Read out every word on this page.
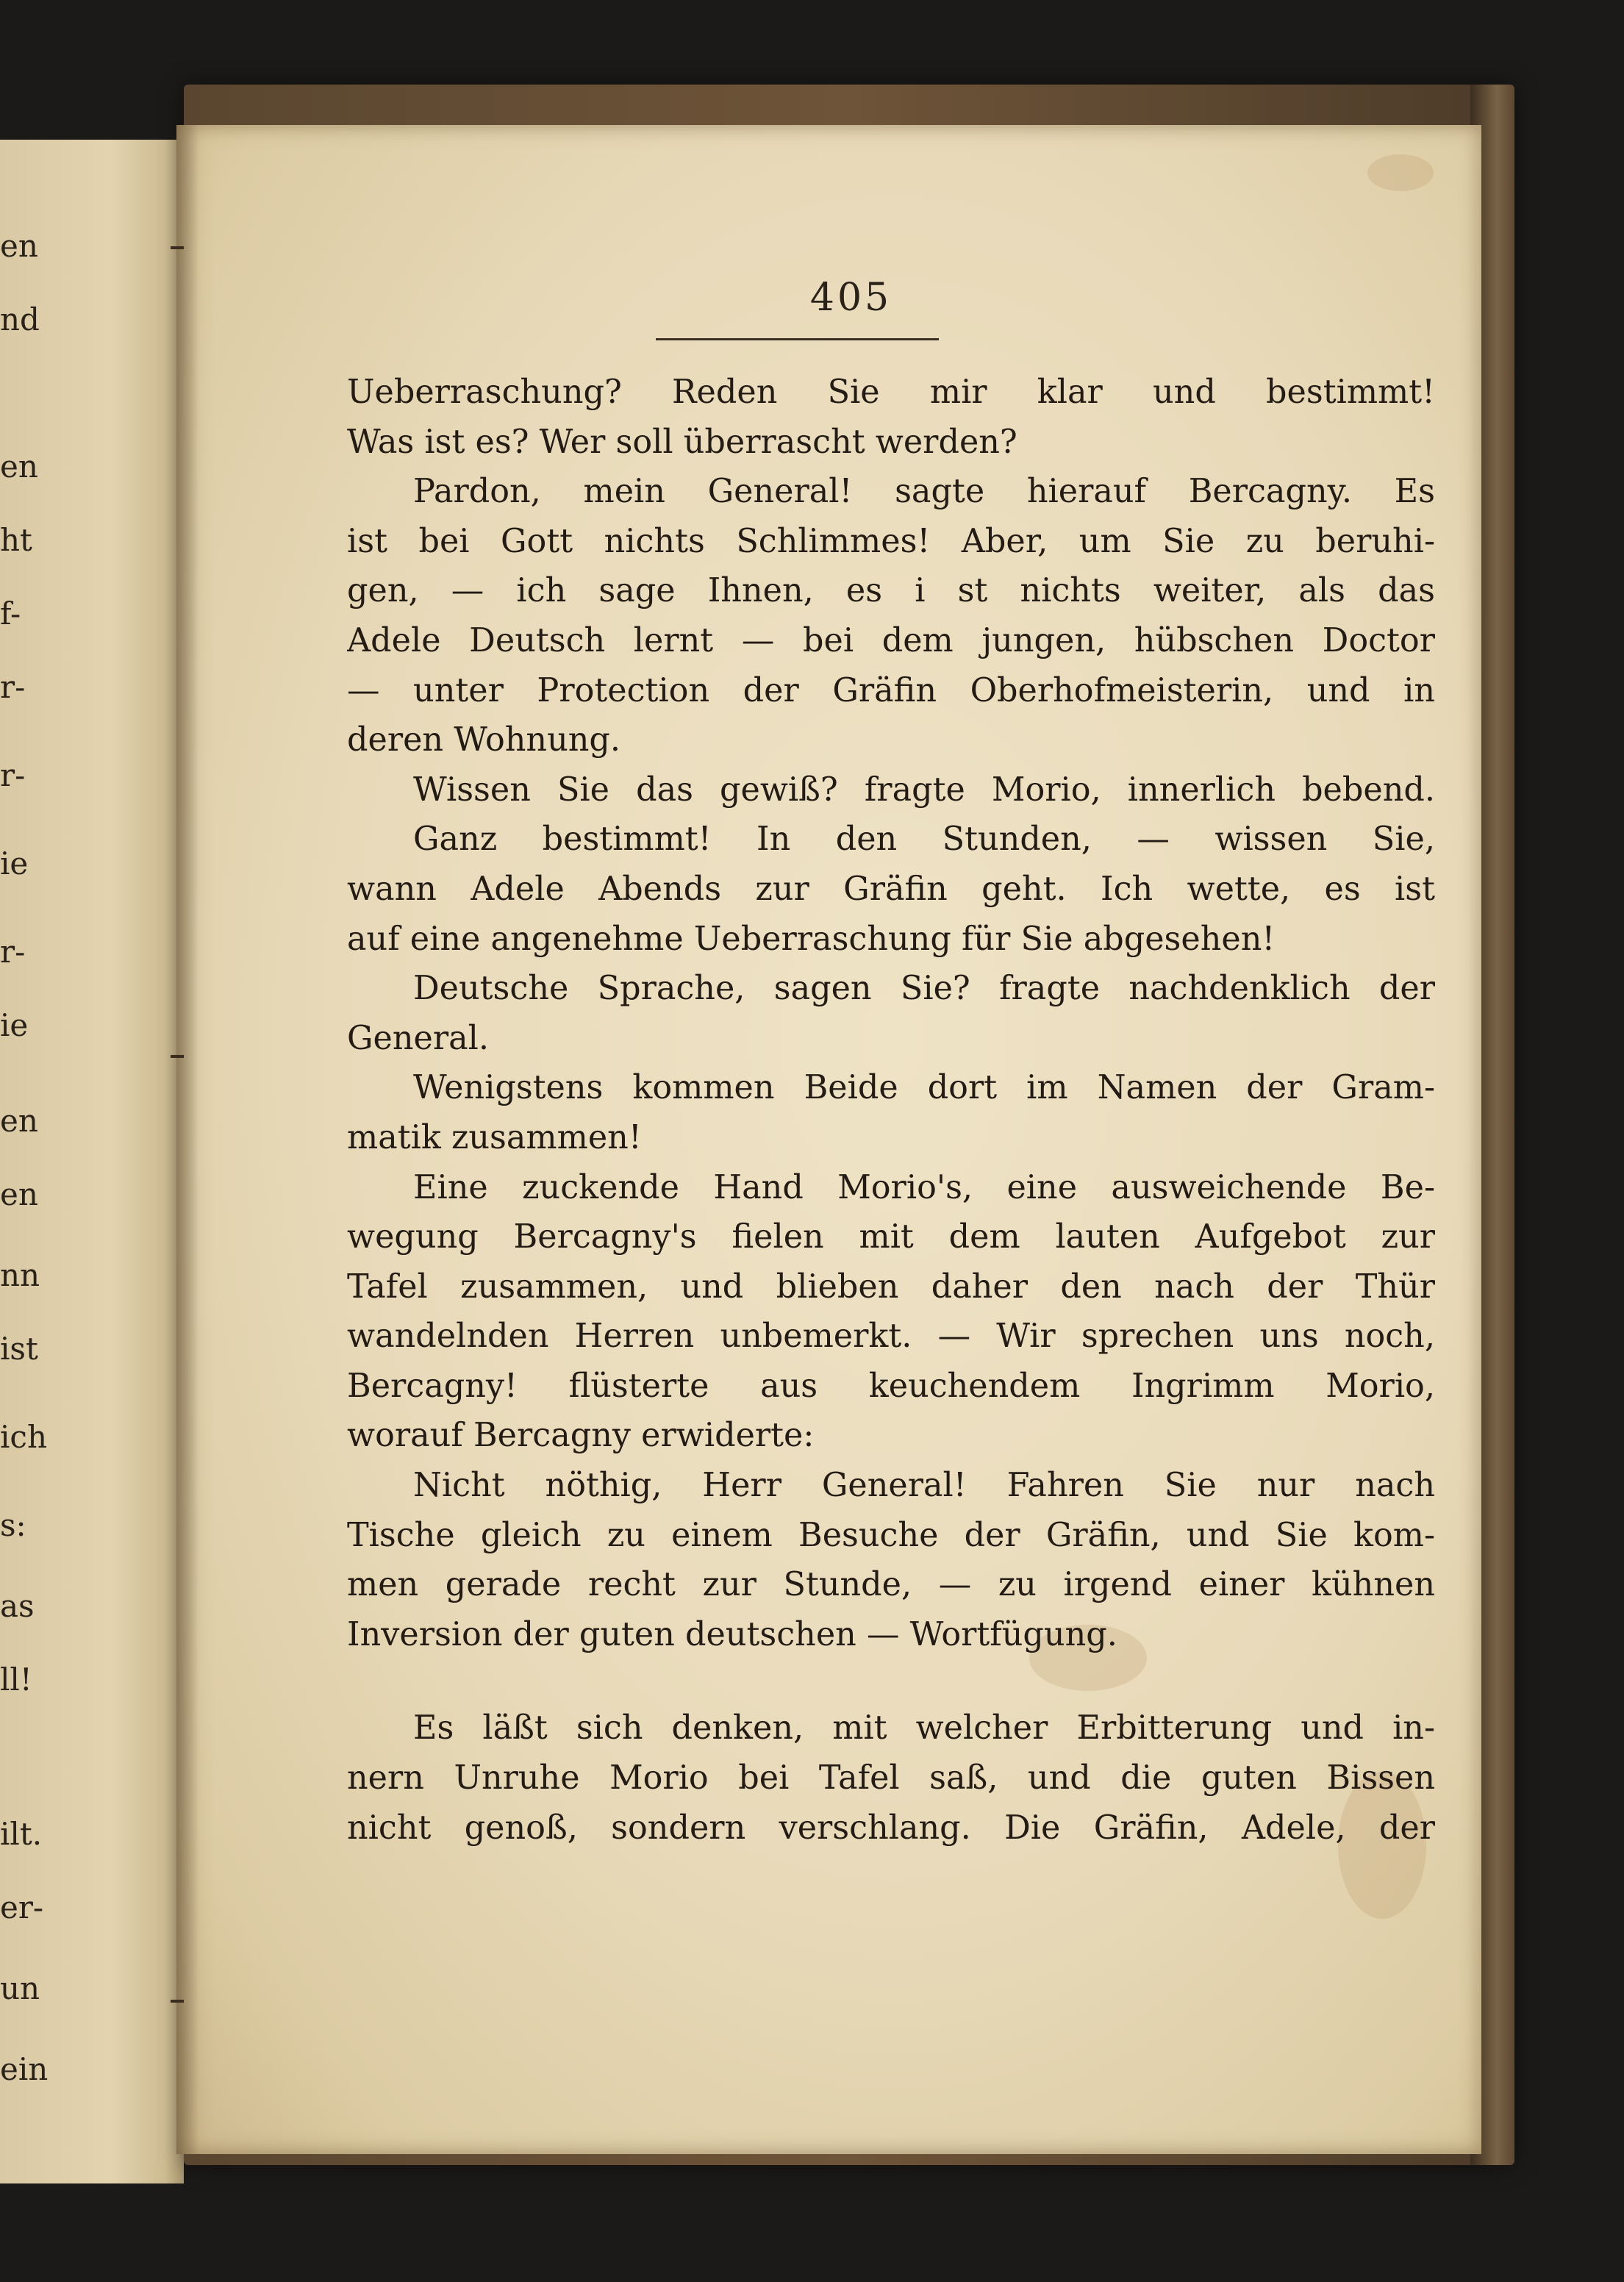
en
nd
en
ht
f-
r-
r-
ie
r-
ie
en
en
nn
ist
ich
s:
as
ll!
ilt.
er-
un
ein
405
Ueberraschung? Reden Sie mir klar und bestimmt!
Was ist es? Wer soll überrascht werden?
Pardon, mein General! sagte hierauf Bercagny. Es
ist bei Gott nichts Schlimmes! Aber, um Sie zu beruhi-
gen, — ich sage Ihnen, es i st nichts weiter, als das
Adele Deutsch lernt — bei dem jungen, hübschen Doctor
— unter Protection der Gräfin Oberhofmeisterin, und in
deren Wohnung.
Wissen Sie das gewiß? fragte Morio, innerlich bebend.
Ganz bestimmt! In den Stunden, — wissen Sie,
wann Adele Abends zur Gräfin geht. Ich wette, es ist
auf eine angenehme Ueberraschung für Sie abgesehen!
Deutsche Sprache, sagen Sie? fragte nachdenklich der
General.
Wenigstens kommen Beide dort im Namen der Gram-
matik zusammen!
Eine zuckende Hand Morio's, eine ausweichende Be-
wegung Bercagny's fielen mit dem lauten Aufgebot zur
Tafel zusammen, und blieben daher den nach der Thür
wandelnden Herren unbemerkt. — Wir sprechen uns noch,
Bercagny! flüsterte aus keuchendem Ingrimm Morio,
worauf Bercagny erwiderte:
Nicht nöthig, Herr General! Fahren Sie nur nach
Tische gleich zu einem Besuche der Gräfin, und Sie kom-
men gerade recht zur Stunde, — zu irgend einer kühnen
Inversion der guten deutschen — Wortfügung.
Es läßt sich denken, mit welcher Erbitterung und in-
nern Unruhe Morio bei Tafel saß, und die guten Bissen
nicht genoß, sondern verschlang. Die Gräfin, Adele, der
